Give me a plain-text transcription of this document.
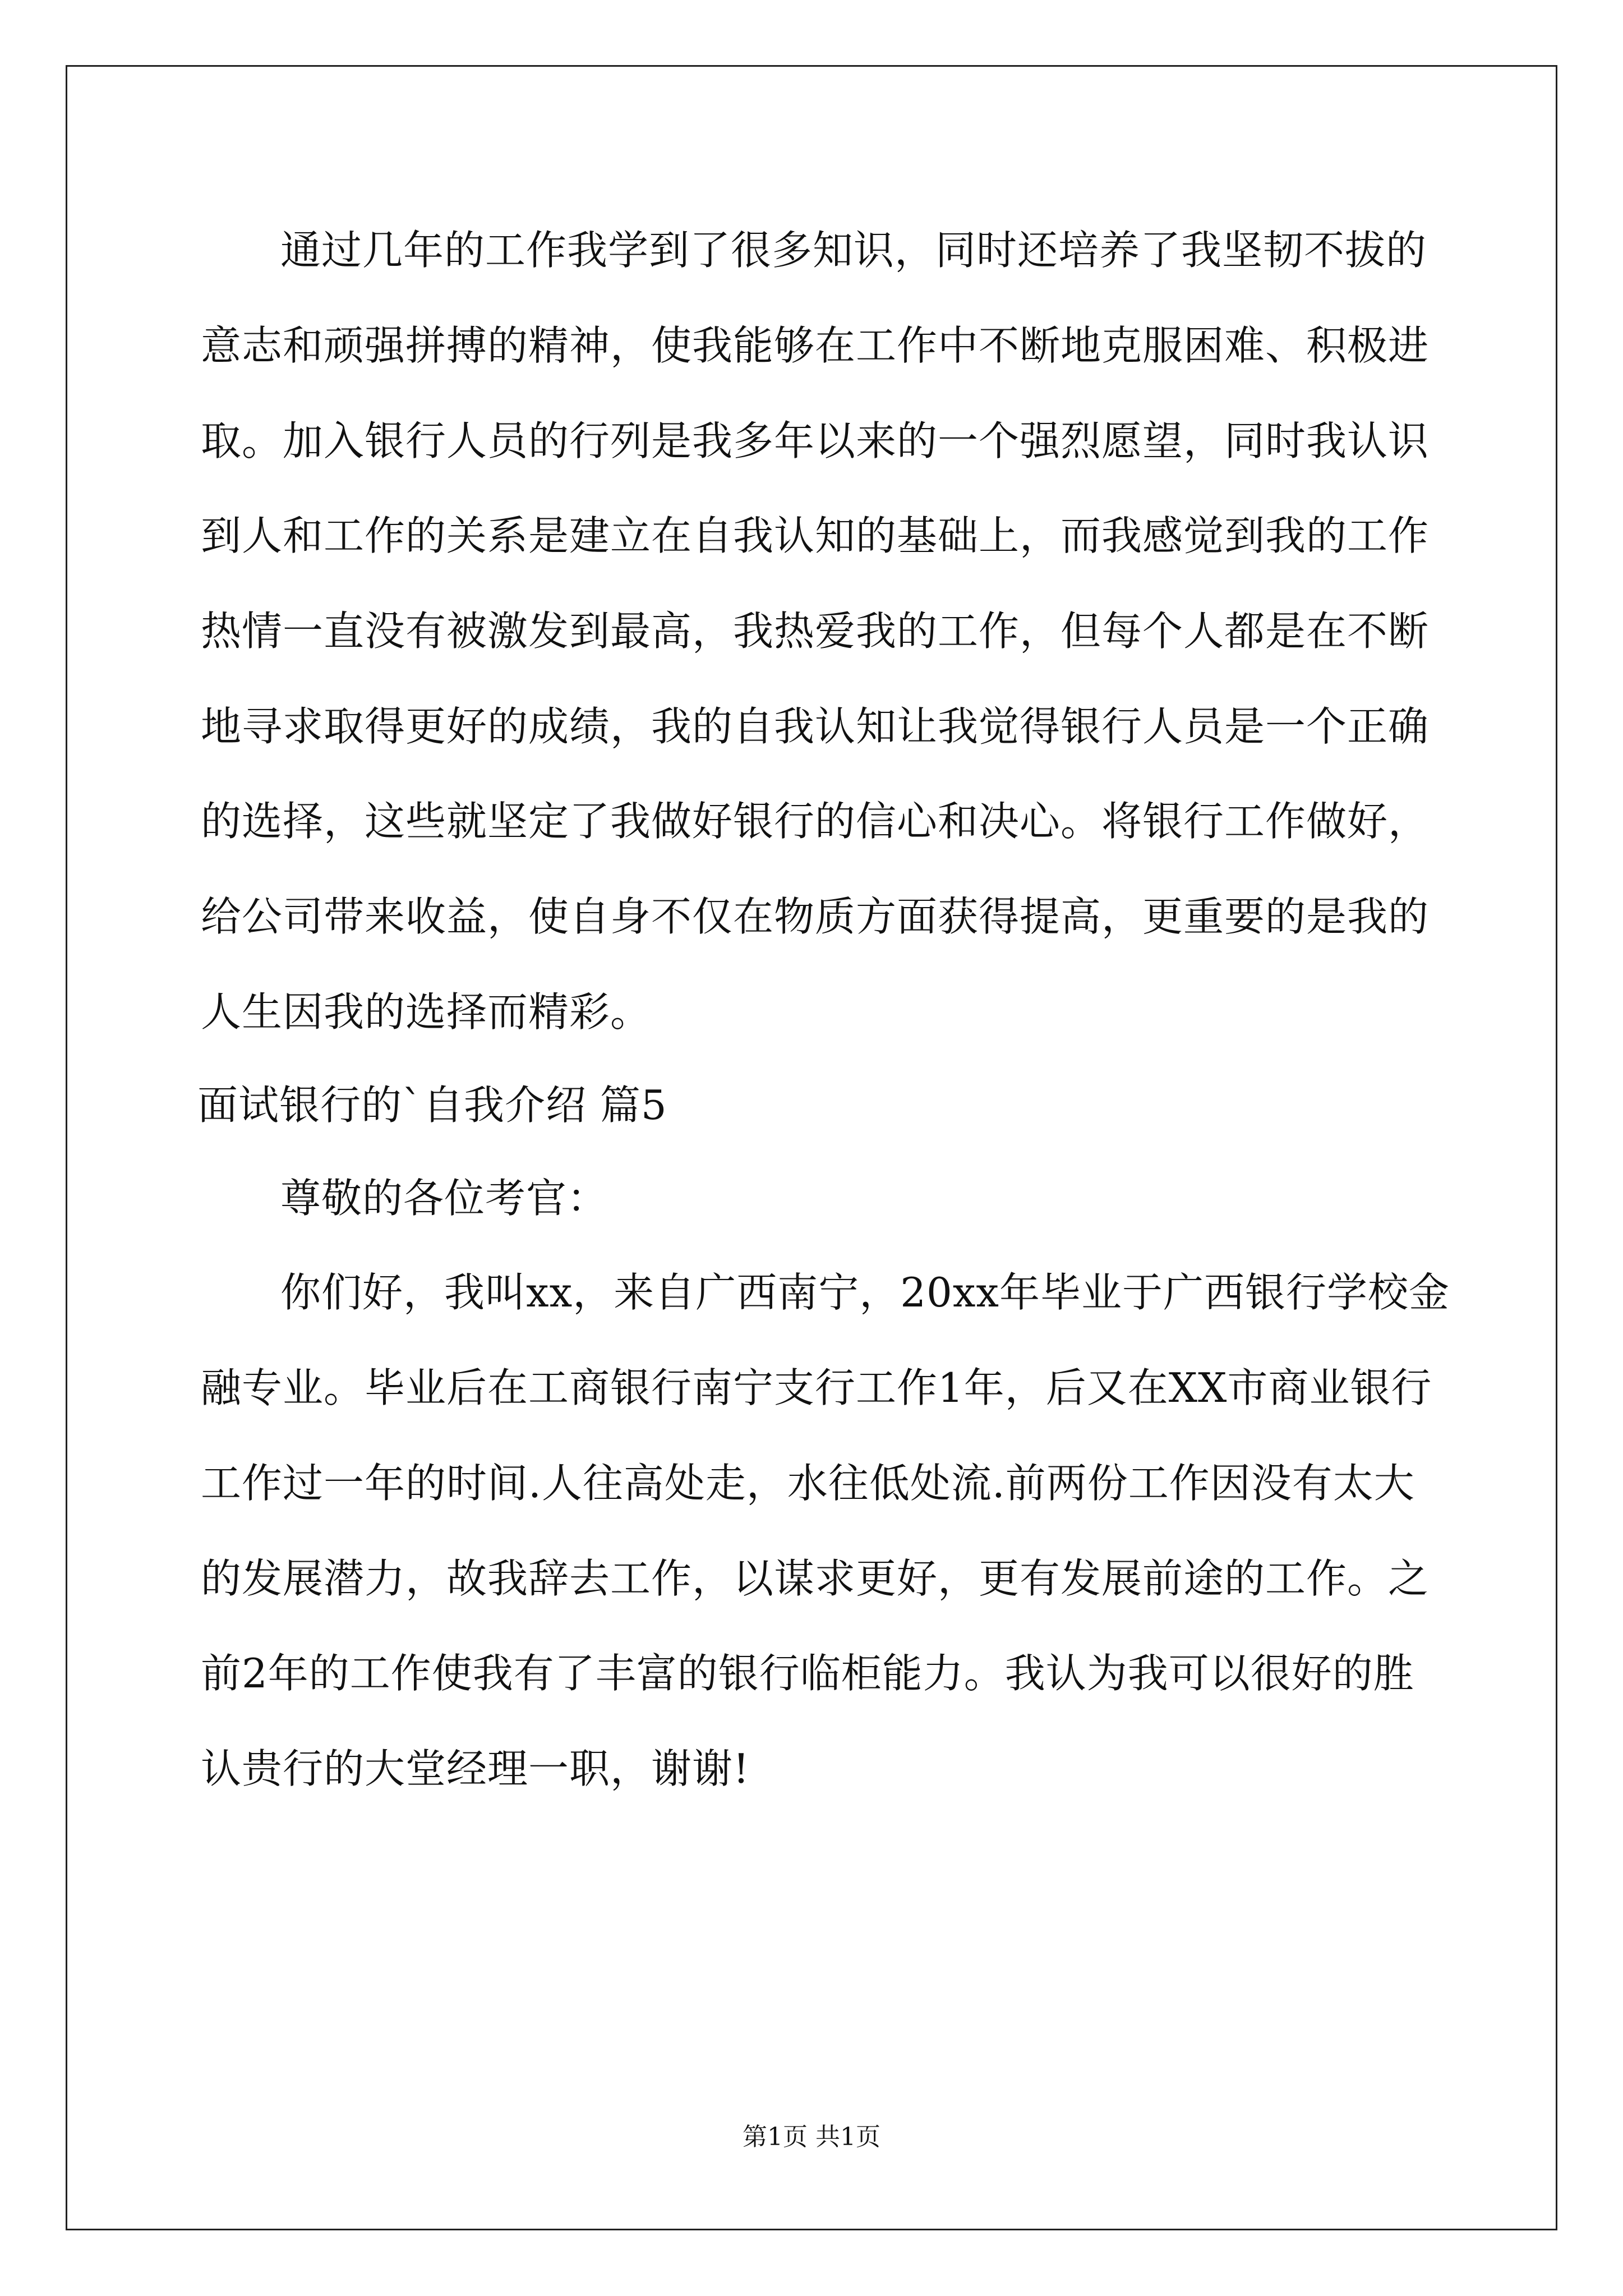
通过几年的工作我学到了很多知识，同时还培养了我坚韧不拔的
意志和顽强拼搏的精神，使我能够在工作中不断地克服困难、积极进
取。加入银行人员的行列是我多年以来的一个强烈愿望，同时我认识
到人和工作的关系是建立在自我认知的基础上，而我感觉到我的工作
热情一直没有被激发到最高，我热爱我的工作，但每个人都是在不断
地寻求取得更好的成绩，我的自我认知让我觉得银行人员是一个正确
的选择，这些就坚定了我做好银行的信心和决心。将银行工作做好，
给公司带来收益，使自身不仅在物质方面获得提高，更重要的是我的
人生因我的选择而精彩。
面试银行的`自我介绍 篇5
尊敬的各位考官：
你们好，我叫xx，来自广西南宁，20xx年毕业于广西银行学校金
融专业。毕业后在工商银行南宁支行工作1年，后又在XX市商业银行
工作过一年的时间.人往高处走，水往低处流.前两份工作因没有太大
的发展潜力，故我辞去工作，以谋求更好，更有发展前途的工作。之
前2年的工作使我有了丰富的银行临柜能力。我认为我可以很好的胜
认贵行的大堂经理一职，谢谢!
第1页 共1页
